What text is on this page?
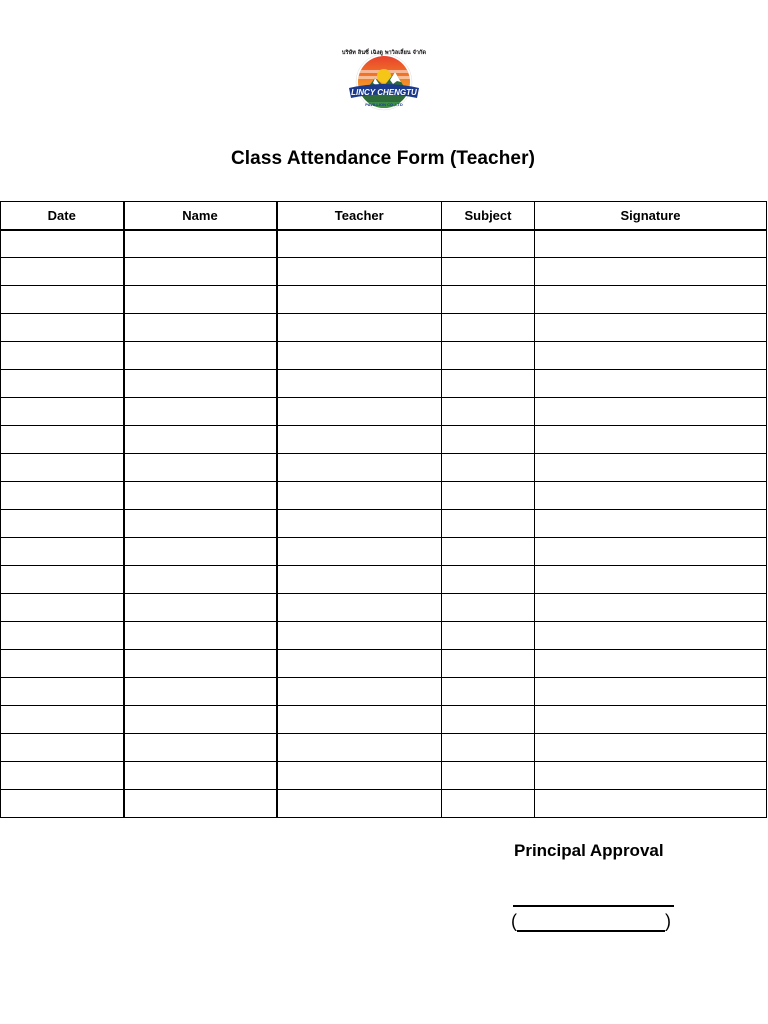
บริษัท ลินซี่ เฉิงตู พาวิลเลี่ยน จำกัด
LINCY CHENGTU
PAVILLION CO.,LTD
Class Attendance Form (Teacher)
Date	Name	Teacher	Subject	Signature

Principal Approval
(	)
